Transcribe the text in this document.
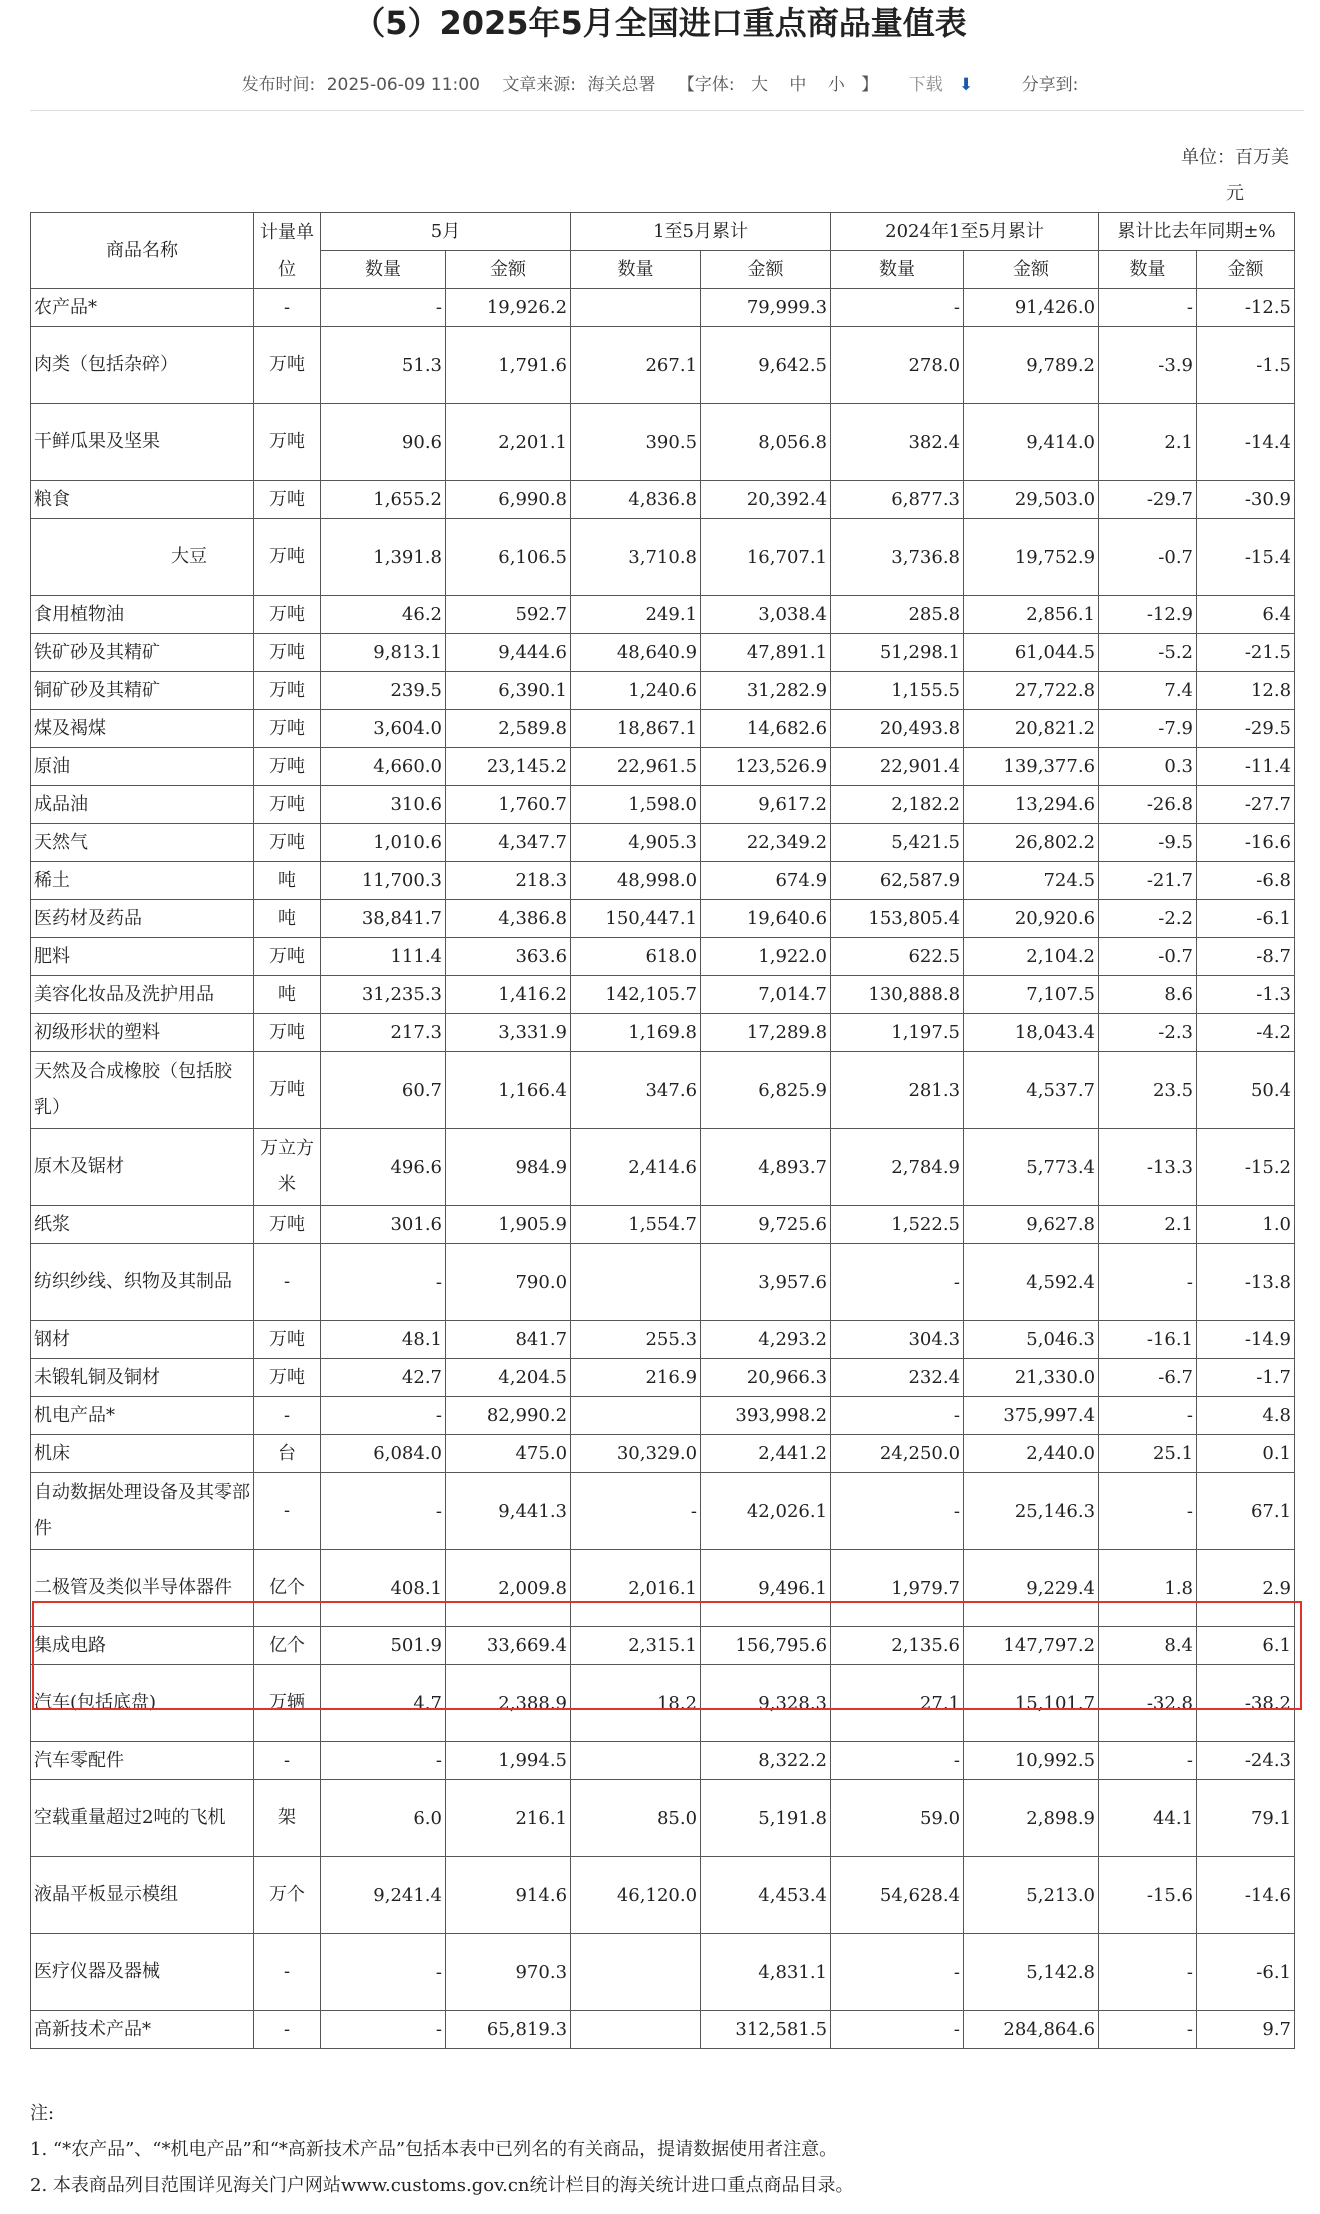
（5）2025年5月全国进口重点商品量值表
发布时间: 2025-06-09 11:00 文章来源: 海关总署 【字体: 大 中 小 】 下载 ⬇	分享到:
单位：百万美元
商品名称	计量单位	5月		1至5月累计		2024年1至5月累计		累计比去年同期±%	
		数量	金额	数量	金额	数量	金额	数量	金额
农产品*	-	-	19,926.2		79,999.3	-	91,426.0	-	-12.5
肉类（包括杂碎）	万吨	51.3	1,791.6	267.1	9,642.5	278.0	9,789.2	-3.9	-1.5
干鲜瓜果及坚果	万吨	90.6	2,201.1	390.5	8,056.8	382.4	9,414.0	2.1	-14.4
粮食	万吨	1,655.2	6,990.8	4,836.8	20,392.4	6,877.3	29,503.0	-29.7	-30.9
大豆	万吨	1,391.8	6,106.5	3,710.8	16,707.1	3,736.8	19,752.9	-0.7	-15.4
食用植物油	万吨	46.2	592.7	249.1	3,038.4	285.8	2,856.1	-12.9	6.4
铁矿砂及其精矿	万吨	9,813.1	9,444.6	48,640.9	47,891.1	51,298.1	61,044.5	-5.2	-21.5
铜矿砂及其精矿	万吨	239.5	6,390.1	1,240.6	31,282.9	1,155.5	27,722.8	7.4	12.8
煤及褐煤	万吨	3,604.0	2,589.8	18,867.1	14,682.6	20,493.8	20,821.2	-7.9	-29.5
原油	万吨	4,660.0	23,145.2	22,961.5	123,526.9	22,901.4	139,377.6	0.3	-11.4
成品油	万吨	310.6	1,760.7	1,598.0	9,617.2	2,182.2	13,294.6	-26.8	-27.7
天然气	万吨	1,010.6	4,347.7	4,905.3	22,349.2	5,421.5	26,802.2	-9.5	-16.6
稀土	吨	11,700.3	218.3	48,998.0	674.9	62,587.9	724.5	-21.7	-6.8
医药材及药品	吨	38,841.7	4,386.8	150,447.1	19,640.6	153,805.4	20,920.6	-2.2	-6.1
肥料	万吨	111.4	363.6	618.0	1,922.0	622.5	2,104.2	-0.7	-8.7
美容化妆品及洗护用品	吨	31,235.3	1,416.2	142,105.7	7,014.7	130,888.8	7,107.5	8.6	-1.3
初级形状的塑料	万吨	217.3	3,331.9	1,169.8	17,289.8	1,197.5	18,043.4	-2.3	-4.2
天然及合成橡胶（包括胶乳）	万吨	60.7	1,166.4	347.6	6,825.9	281.3	4,537.7	23.5	50.4
原木及锯材	万立方米	496.6	984.9	2,414.6	4,893.7	2,784.9	5,773.4	-13.3	-15.2
纸浆	万吨	301.6	1,905.9	1,554.7	9,725.6	1,522.5	9,627.8	2.1	1.0
纺织纱线、织物及其制品	-	-	790.0		3,957.6	-	4,592.4	-	-13.8
钢材	万吨	48.1	841.7	255.3	4,293.2	304.3	5,046.3	-16.1	-14.9
未锻轧铜及铜材	万吨	42.7	4,204.5	216.9	20,966.3	232.4	21,330.0	-6.7	-1.7
机电产品*	-	-	82,990.2		393,998.2	-	375,997.4	-	4.8
机床	台	6,084.0	475.0	30,329.0	2,441.2	24,250.0	2,440.0	25.1	0.1
自动数据处理设备及其零部件	-	-	9,441.3	-	42,026.1	-	25,146.3	-	67.1
二极管及类似半导体器件	亿个	408.1	2,009.8	2,016.1	9,496.1	1,979.7	9,229.4	1.8	2.9
集成电路	亿个	501.9	33,669.4	2,315.1	156,795.6	2,135.6	147,797.2	8.4	6.1
汽车(包括底盘)	万辆	4.7	2,388.9	18.2	9,328.3	27.1	15,101.7	-32.8	-38.2
汽车零配件	-	-	1,994.5		8,322.2	-	10,992.5	-	-24.3
空载重量超过2吨的飞机	架	6.0	216.1	85.0	5,191.8	59.0	2,898.9	44.1	79.1
液晶平板显示模组	万个	9,241.4	914.6	46,120.0	4,453.4	54,628.4	5,213.0	-15.6	-14.6
医疗仪器及器械	-	-	970.3		4,831.1	-	5,142.8	-	-6.1
高新技术产品*	-	-	65,819.3		312,581.5	-	284,864.6	-	9.7
注:
1. “*农产品”、“*机电产品”和“*高新技术产品”包括本表中已列名的有关商品，提请数据使用者注意。
2. 本表商品列目范围详见海关门户网站www.customs.gov.cn统计栏目的海关统计进口重点商品目录。
